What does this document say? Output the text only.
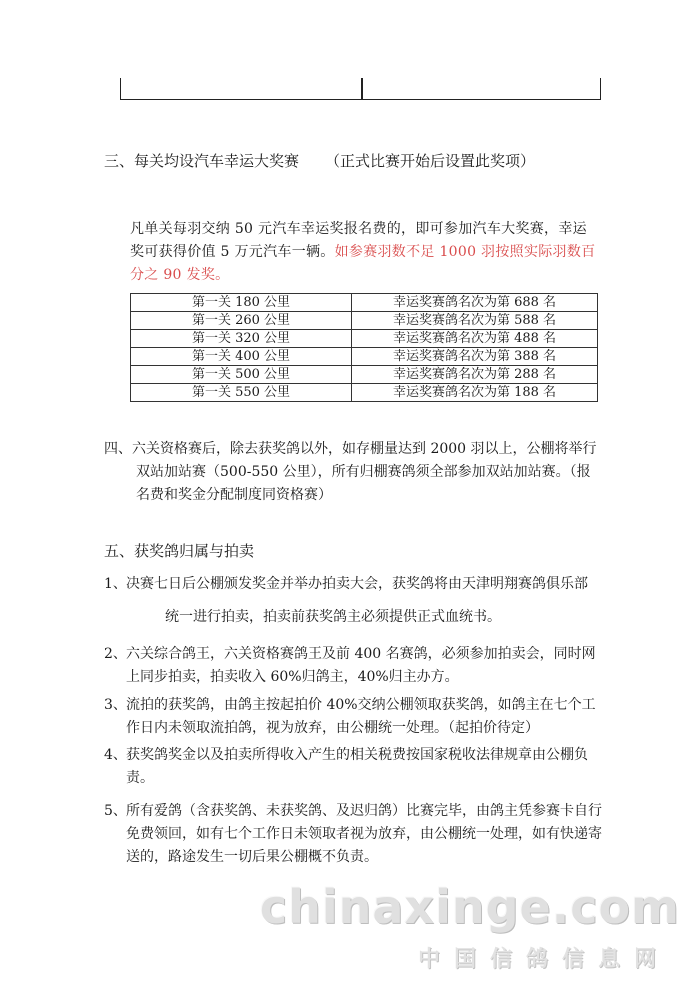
三、每关均设汽车幸运大奖赛 （正式比赛开始后设置此奖项）
凡单关每羽交纳 50 元汽车幸运奖报名费的，即可参加汽车大奖赛，幸运奖可获得价值 5 万元汽车一辆。如参赛羽数不足 1000 羽按照实际羽数百分之 90 发奖。
第一关 180 公里	幸运奖赛鸽名次为第 688 名
第一关 260 公里	幸运奖赛鸽名次为第 588 名
第一关 320 公里	幸运奖赛鸽名次为第 488 名
第一关 400 公里	幸运奖赛鸽名次为第 388 名
第一关 500 公里	幸运奖赛鸽名次为第 288 名
第一关 550 公里	幸运奖赛鸽名次为第 188 名
四、六关资格赛后，除去获奖鸽以外，如存棚量达到 2000 羽以上，公棚将举行双站加站赛（500-550 公里），所有归棚赛鸽须全部参加双站加站赛。（报名费和奖金分配制度同资格赛）
五、获奖鸽归属与拍卖
1、 决赛七日后公棚颁发奖金并举办拍卖大会，获奖鸽将由天津明翔赛鸽俱乐部
统一进行拍卖，拍卖前获奖鸽主必须提供正式血统书。
2、 六关综合鸽王，六关资格赛鸽王及前 400 名赛鸽，必须参加拍卖会，同时网上同步拍卖，拍卖收入 60%归鸽主，40%归主办方。
3、 流拍的获奖鸽，由鸽主按起拍价 40%交纳公棚领取获奖鸽，如鸽主在七个工作日内未领取流拍鸽，视为放弃，由公棚统一处理。（起拍价待定）
4、 获奖鸽奖金以及拍卖所得收入产生的相关税费按国家税收法律规章由公棚负责。
5、 所有爱鸽（含获奖鸽、未获奖鸽、及迟归鸽）比赛完毕，由鸽主凭参赛卡自行免费领回，如有七个工作日未领取者视为放弃，由公棚统一处理，如有快递寄送的，路途发生一切后果公棚概不负责。
chinaxinge.com
中国信鸽信息网
